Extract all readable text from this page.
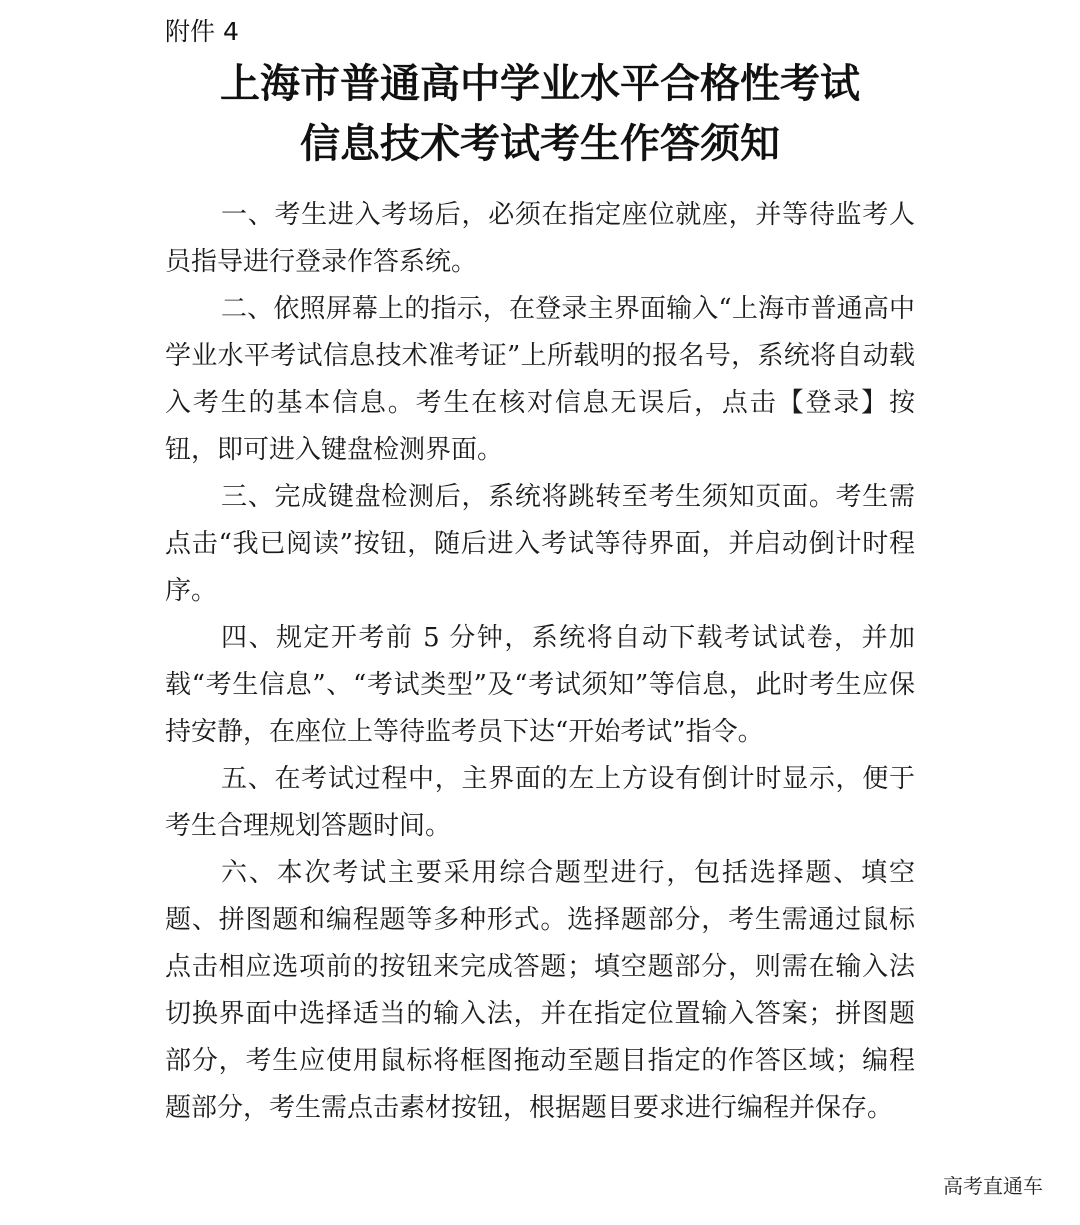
附件 4
上海市普通高中学业水平合格性考试
信息技术考试考生作答须知

一、考生进入考场后，必须在指定座位就座，并等待监考人员指导进行登录作答系统。

二、依照屏幕上的指示，在登录主界面输入“上海市普通高中学业水平考试信息技术准考证”上所载明的报名号，系统将自动载入考生的基本信息。考生在核对信息无误后，点击【登录】按钮，即可进入键盘检测界面。

三、完成键盘检测后，系统将跳转至考生须知页面。考生需点击“我已阅读”按钮，随后进入考试等待界面，并启动倒计时程序。

四、规定开考前 5 分钟，系统将自动下载考试试卷，并加载“考生信息”、“考试类型”及“考试须知”等信息，此时考生应保持安静，在座位上等待监考员下达“开始考试”指令。

五、在考试过程中，主界面的左上方设有倒计时显示，便于考生合理规划答题时间。

六、本次考试主要采用综合题型进行，包括选择题、填空题、拼图题和编程题等多种形式。选择题部分，考生需通过鼠标点击相应选项前的按钮来完成答题；填空题部分，则需在输入法切换界面中选择适当的输入法，并在指定位置输入答案；拼图题部分，考生应使用鼠标将框图拖动至题目指定的作答区域；编程题部分，考生需点击素材按钮，根据题目要求进行编程并保存。

高考直通车
